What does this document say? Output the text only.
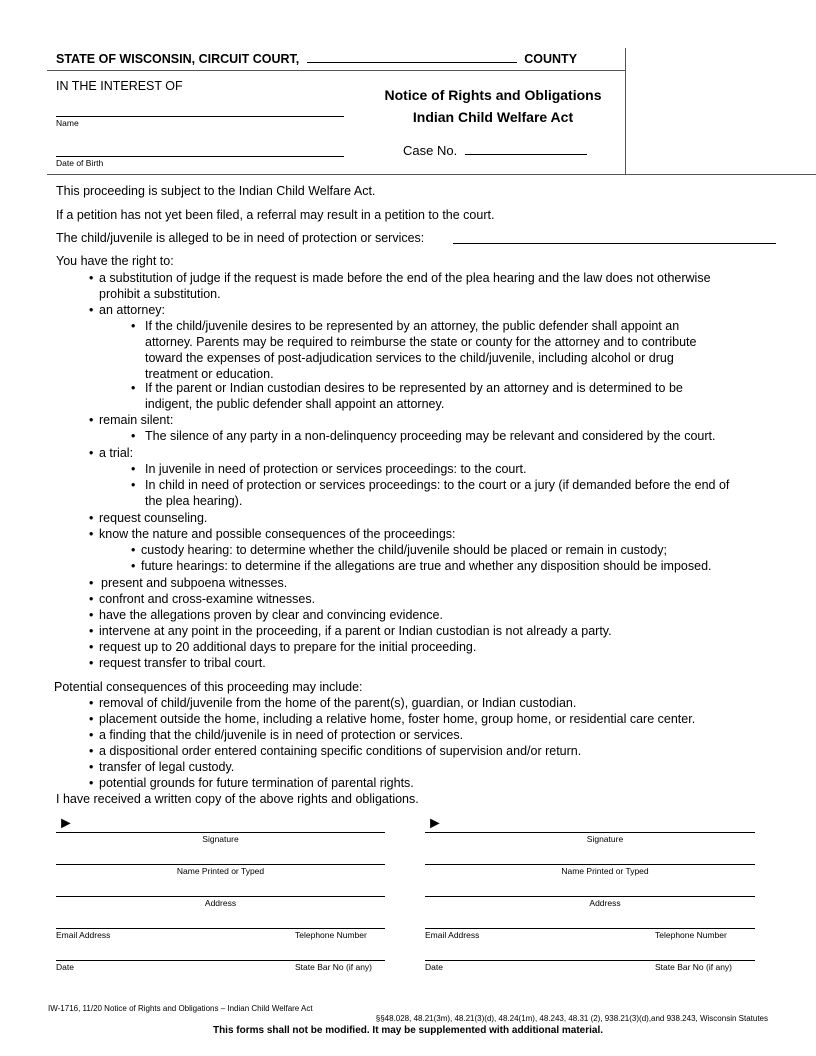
STATE OF WISCONSIN, CIRCUIT COURT,	COUNTY
IN THE INTEREST OF
Name
Date of Birth
Notice of Rights and Obligations
Indian Child Welfare Act
Case No.
This proceeding is subject to the Indian Child Welfare Act.
If a petition has not yet been filed, a referral may result in a petition to the court.
The child/juvenile is alleged to be in need of protection or services:
You have the right to:
• a substitution of judge if the request is made before the end of the plea hearing and the law does not otherwise
prohibit a substitution.
• an attorney:
• If the child/juvenile desires to be represented by an attorney, the public defender shall appoint an
attorney. Parents may be required to reimburse the state or county for the attorney and to contribute
toward the expenses of post-adjudication services to the child/juvenile, including alcohol or drug
treatment or education.
• If the parent or Indian custodian desires to be represented by an attorney and is determined to be
indigent, the public defender shall appoint an attorney.
• remain silent:
• The silence of any party in a non-delinquency proceeding may be relevant and considered by the court.
• a trial:
• In juvenile in need of protection or services proceedings: to the court.
• In child in need of protection or services proceedings: to the court or a jury (if demanded before the end of
the plea hearing).
• request counseling.
• know the nature and possible consequences of the proceedings:
• custody hearing: to determine whether the child/juvenile should be placed or remain in custody;
• future hearings: to determine if the allegations are true and whether any disposition should be imposed.
• present and subpoena witnesses.
• confront and cross-examine witnesses.
• have the allegations proven by clear and convincing evidence.
• intervene at any point in the proceeding, if a parent or Indian custodian is not already a party.
• request up to 20 additional days to prepare for the initial proceeding.
• request transfer to tribal court.
Potential consequences of this proceeding may include:
• removal of child/juvenile from the home of the parent(s), guardian, or Indian custodian.
• placement outside the home, including a relative home, foster home, group home, or residential care center.
• a finding that the child/juvenile is in need of protection or services.
• a dispositional order entered containing specific conditions of supervision and/or return.
• transfer of legal custody.
• potential grounds for future termination of parental rights.
I have received a written copy of the above rights and obligations.
►
Signature
Name Printed or Typed
Address
Email Address	Telephone Number
Date	State Bar No (if any)
►
Signature
Name Printed or Typed
Address
Email Address	Telephone Number
Date	State Bar No (if any)
IW-1716, 11/20 Notice of Rights and Obligations – Indian Child Welfare Act
§§48.028, 48.21(3m), 48.21(3)(d), 48.24(1m), 48.243, 48.31 (2), 938.21(3)(d),and 938.243, Wisconsin Statutes
This forms shall not be modified. It may be supplemented with additional material.
